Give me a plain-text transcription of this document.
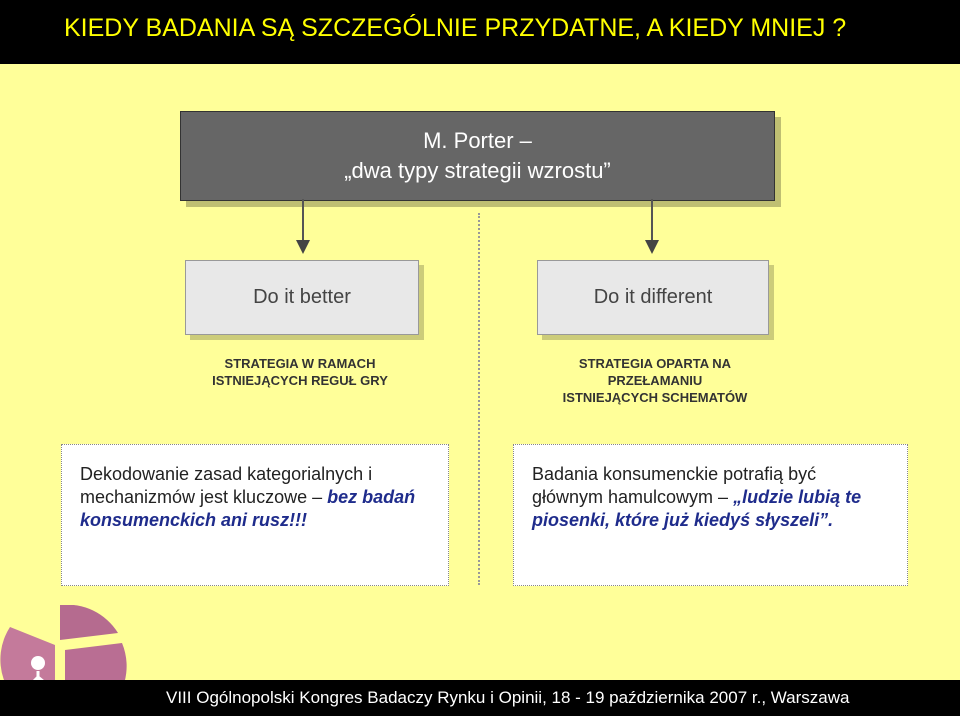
KIEDY BADANIA SĄ SZCZEGÓLNIE PRZYDATNE, A KIEDY MNIEJ ?
M. Porter –
„dwa typy strategii wzrostu”
Do it better	Do it different
STRATEGIA W RAMACH
ISTNIEJĄCYCH REGUŁ GRY
STRATEGIA OPARTA NA
PRZEŁAMANIU
ISTNIEJĄCYCH SCHEMATÓW
Dekodowanie zasad kategorialnych i mechanizmów jest kluczowe – bez badań konsumenckich ani rusz!!!
Badania konsumenckie potrafią być głównym hamulcowym – „ludzie lubią te piosenki, które już kiedyś słyszeli”.
VIII Ogólnopolski Kongres Badaczy Rynku i Opinii, 18 - 19 października 2007 r., Warszawa
